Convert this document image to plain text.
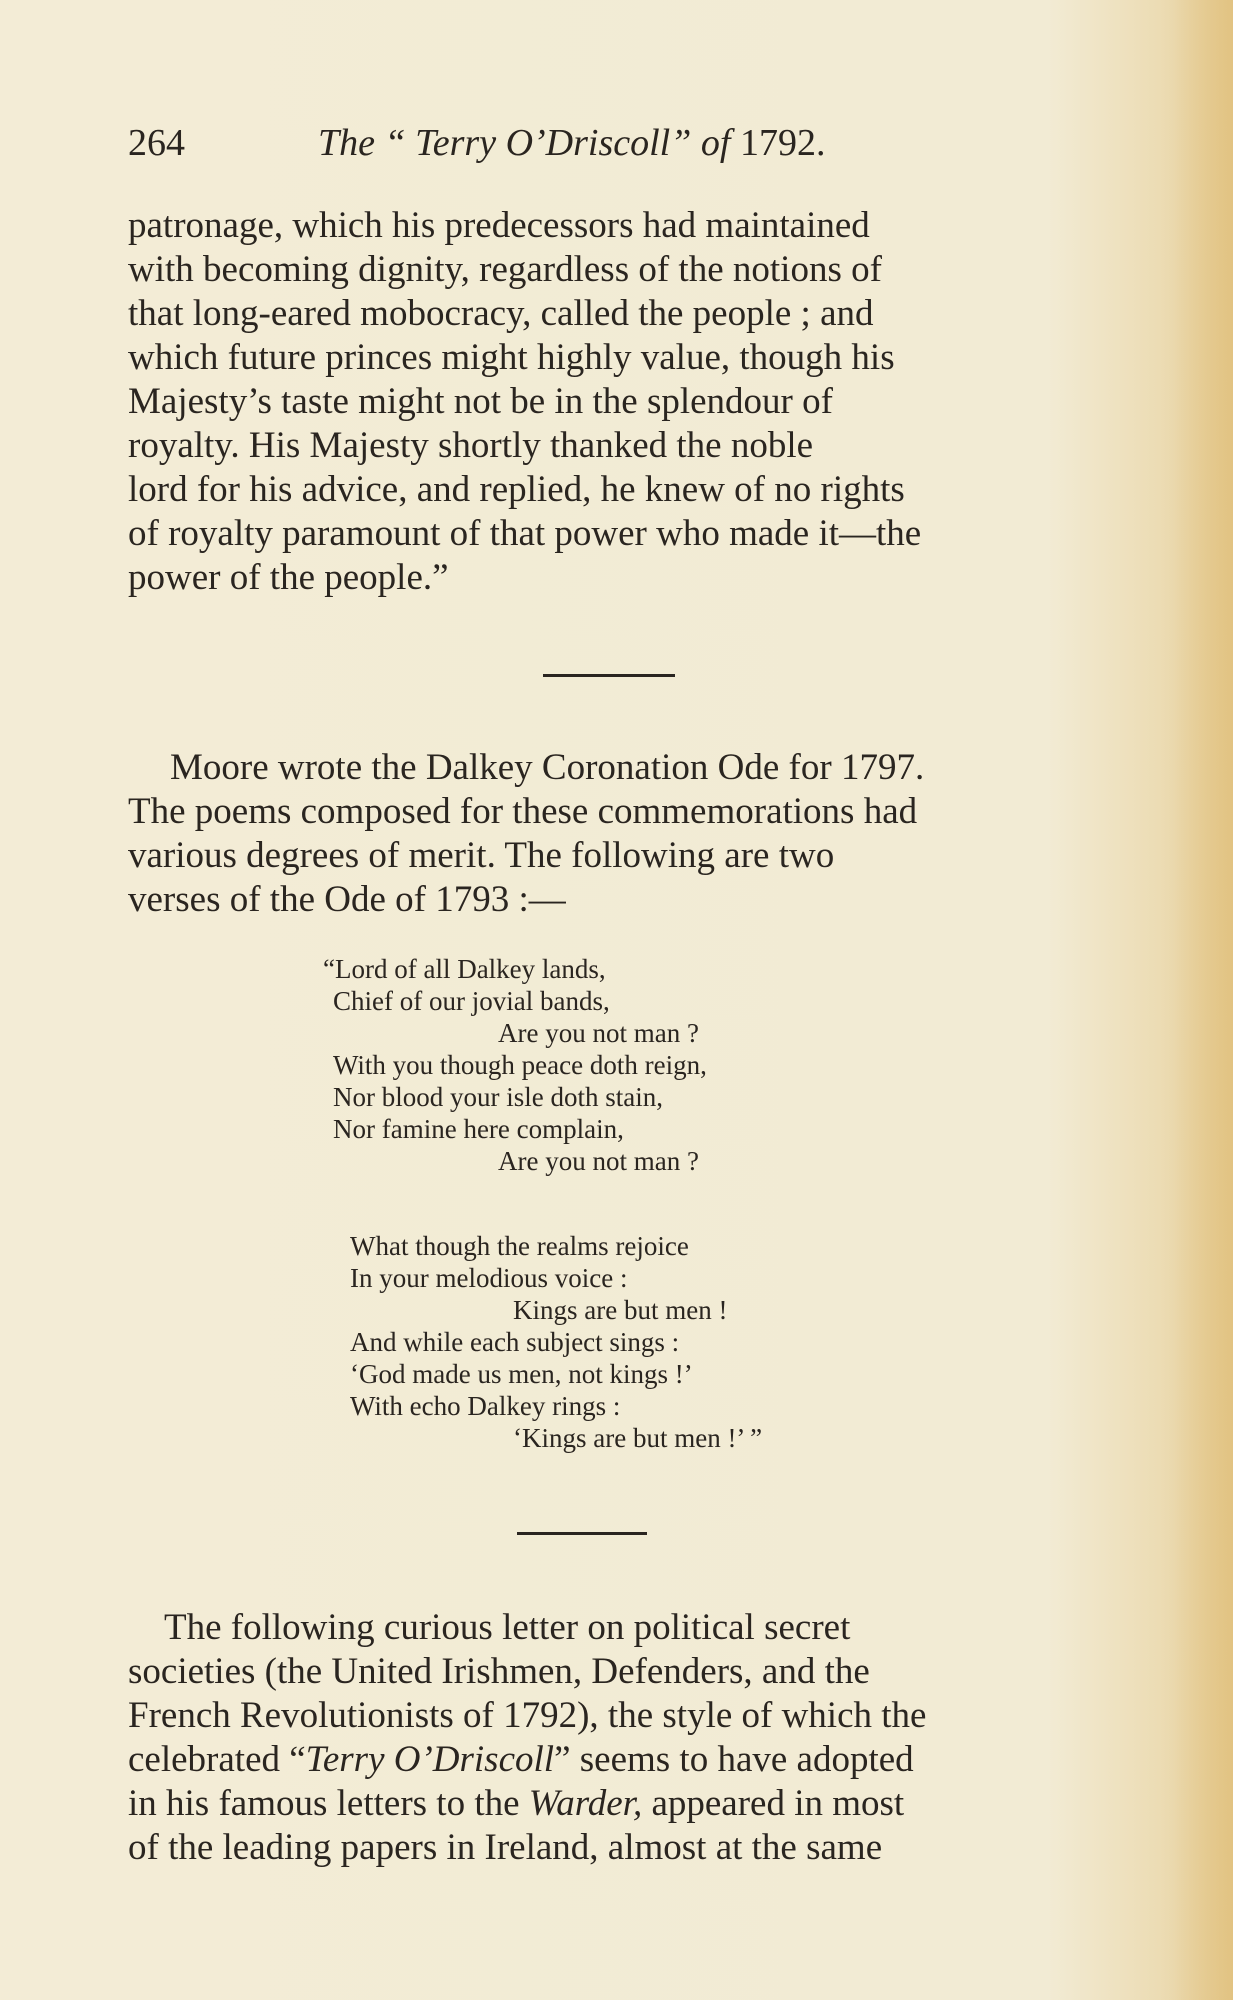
264	The “ Terry O’Driscoll” of 1792.

patronage, which his predecessors had maintained
with becoming dignity, regardless of the notions of
that long-eared mobocracy, called the people ; and
which future princes might highly value, though his
Majesty’s taste might not be in the splendour of
royalty. His Majesty shortly thanked the noble
lord for his advice, and replied, he knew of no rights
of royalty paramount of that power who made it—the
power of the people.”

Moore wrote the Dalkey Coronation Ode for 1797.
The poems composed for these commemorations had
various degrees of merit. The following are two
verses of the Ode of 1793 :—

“Lord of all Dalkey lands,
Chief of our jovial bands,
Are you not man ?
With you though peace doth reign,
Nor blood your isle doth stain,
Nor famine here complain,
Are you not man ?
What though the realms rejoice
In your melodious voice :
Kings are but men !
And while each subject sings :
‘God made us men, not kings !’
With echo Dalkey rings :
‘Kings are but men !’ ”

The following curious letter on political secret
societies (the United Irishmen, Defenders, and the
French Revolutionists of 1792), the style of which the
celebrated “Terry O’Driscoll” seems to have adopted
in his famous letters to the Warder, appeared in most
of the leading papers in Ireland, almost at the same
